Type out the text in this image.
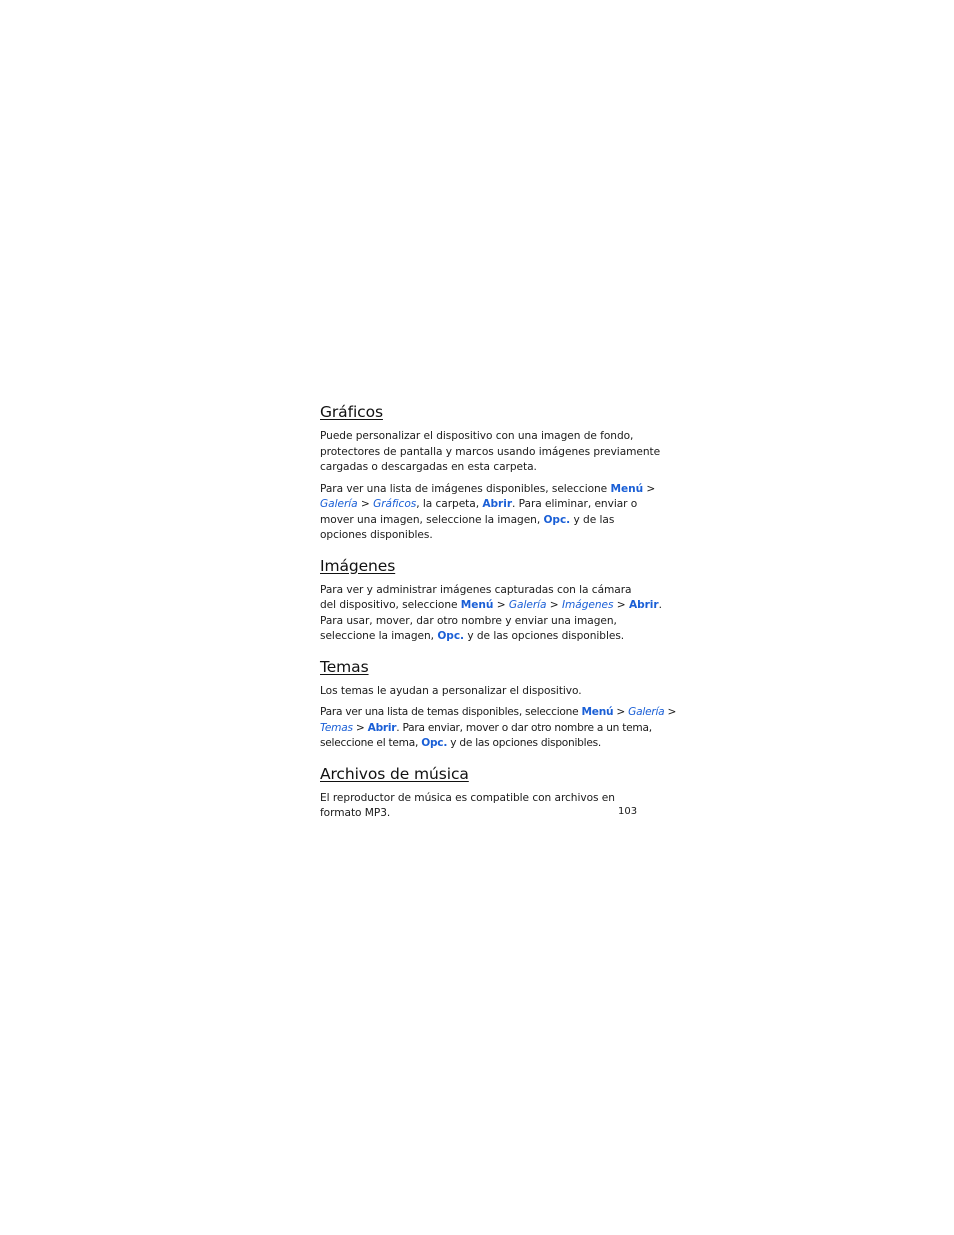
Gráficos

Puede personalizar el dispositivo con una imagen de fondo,
protectores de pantalla y marcos usando imágenes previamente
cargadas o descargadas en esta carpeta.

Para ver una lista de imágenes disponibles, seleccione Menú >
Galería > Gráficos, la carpeta, Abrir. Para eliminar, enviar o
mover una imagen, seleccione la imagen, Opc. y de las
opciones disponibles.

Imágenes

Para ver y administrar imágenes capturadas con la cámara
del dispositivo, seleccione Menú > Galería > Imágenes > Abrir.
Para usar, mover, dar otro nombre y enviar una imagen,
seleccione la imagen, Opc. y de las opciones disponibles.

Temas

Los temas le ayudan a personalizar el dispositivo.

Para ver una lista de temas disponibles, seleccione Menú > Galería >
Temas > Abrir. Para enviar, mover o dar otro nombre a un tema,
seleccione el tema, Opc. y de las opciones disponibles.

Archivos de música

El reproductor de música es compatible con archivos en
formato MP3.	103
